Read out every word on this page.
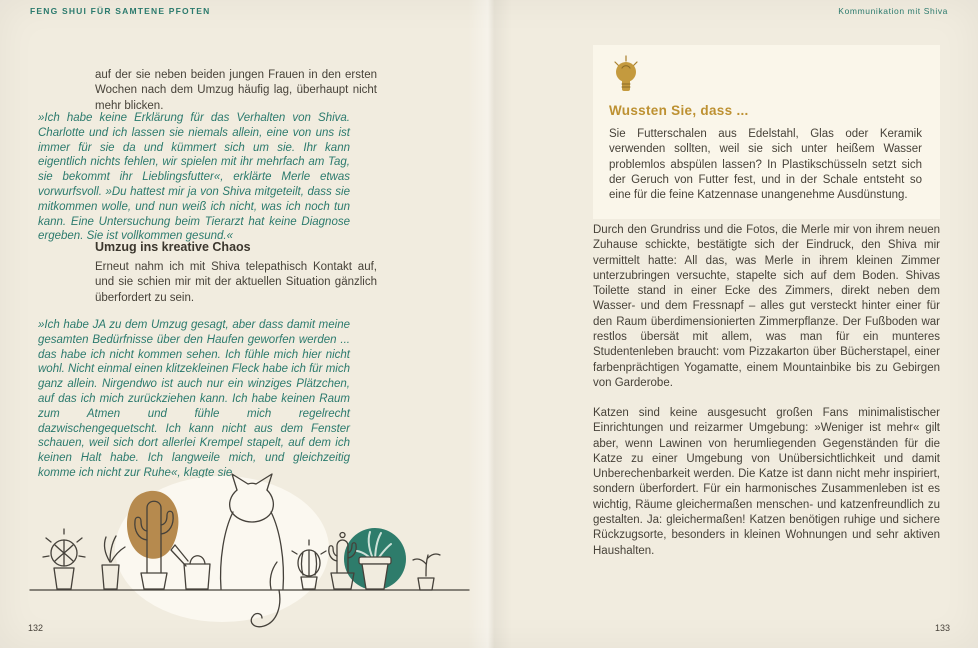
FENG SHUI FÜR SAMTENE PFOTEN	Kommunikation mit Shiva

auf der sie neben beiden jungen Frauen in den ersten Wochen nach dem Umzug häufig lag, überhaupt nicht mehr blicken.

»Ich habe keine Erklärung für das Verhalten von Shiva. Charlotte und ich lassen sie niemals allein, eine von uns ist immer für sie da und kümmert sich um sie. Ihr kann eigentlich nichts fehlen, wir spielen mit ihr mehrfach am Tag, sie bekommt ihr Lieblingsfutter«, erklärte Merle etwas vorwurfsvoll. »Du hattest mir ja von Shiva mitgeteilt, dass sie mitkommen wolle, und nun weiß ich nicht, was ich noch tun kann. Eine Untersuchung beim Tierarzt hat keine Diagnose ergeben. Sie ist vollkommen gesund.«

Umzug ins kreative Chaos

Erneut nahm ich mit Shiva telepathisch Kontakt auf, und sie schien mir mit der aktuellen Situation gänzlich überfordert zu sein.

»Ich habe JA zu dem Umzug gesagt, aber dass damit meine gesamten Bedürfnisse über den Haufen geworfen werden ... das habe ich nicht kommen sehen. Ich fühle mich hier nicht wohl. Nicht einmal einen klitzekleinen Fleck habe ich für mich ganz allein. Nirgendwo ist auch nur ein winziges Plätzchen, auf das ich mich zurückziehen kann. Ich habe keinen Raum zum Atmen und fühle mich regelrecht dazwischengequetscht. Ich kann nicht aus dem Fenster schauen, weil sich dort allerlei Krempel stapelt, auf dem ich keinen Halt habe. Ich langweile mich, und gleichzeitig komme ich nicht zur Ruhe«, klagte sie.

132
Wussten Sie, dass ...

Sie Futterschalen aus Edelstahl, Glas oder Keramik verwenden sollten, weil sie sich unter heißem Wasser problemlos abspülen lassen? In Plastikschüsseln setzt sich der Geruch von Futter fest, und in der Schale entsteht so eine für die feine Katzennase unangenehme Ausdünstung.

Durch den Grundriss und die Fotos, die Merle mir von ihrem neuen Zuhause schickte, bestätigte sich der Eindruck, den Shiva mir vermittelt hatte: All das, was Merle in ihrem kleinen Zimmer unterzubringen versuchte, stapelte sich auf dem Boden. Shivas Toilette stand in einer Ecke des Zimmers, direkt neben dem Wasser- und dem Fressnapf – alles gut versteckt hinter einer für den Raum überdimensionierten Zimmerpflanze. Der Fußboden war restlos übersät mit allem, was man für ein munteres Studentenleben braucht: vom Pizzakarton über Bücherstapel, einer farbenprächtigen Yogamatte, einem Mountainbike bis zu Gebirgen von Garderobe.

Katzen sind keine ausgesucht großen Fans minimalistischer Einrichtungen und reizarmer Umgebung: »Weniger ist mehr« gilt aber, wenn Lawinen von herumliegenden Gegenständen für die Katze zu einer Umgebung von Unübersichtlichkeit und damit Unberechenbarkeit werden. Die Katze ist dann nicht mehr inspiriert, sondern überfordert. Für ein harmonisches Zusammenleben ist es wichtig, Räume gleichermaßen menschen- und katzenfreundlich zu gestalten. Ja: gleichermaßen! Katzen benötigen ruhige und sichere Rückzugsorte, besonders in kleinen Wohnungen und sehr aktiven Haushalten.

133
